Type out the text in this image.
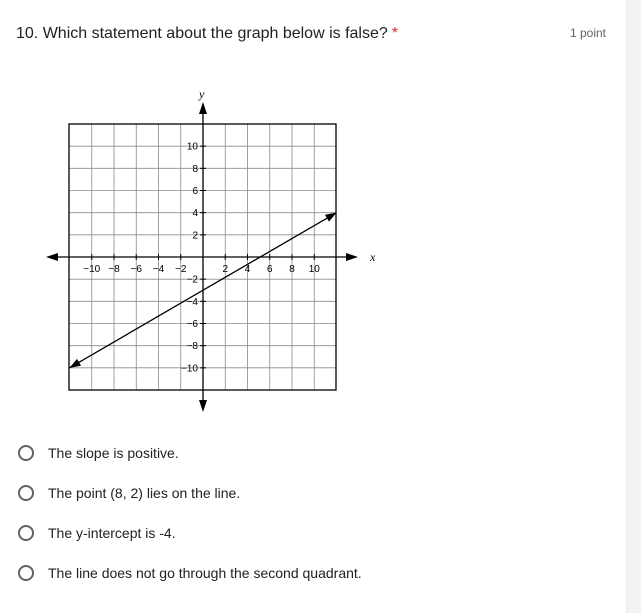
10. Which statement about the graph below is false? *	1 point
−10 −8 −6 −4 −2	2 4 6 8 10
10
8
6
4
2
−2
−4
−6
−8
−10
x
y
The slope is positive.
The point (8, 2) lies on the line.
The y-intercept is -4.
The line does not go through the second quadrant.
